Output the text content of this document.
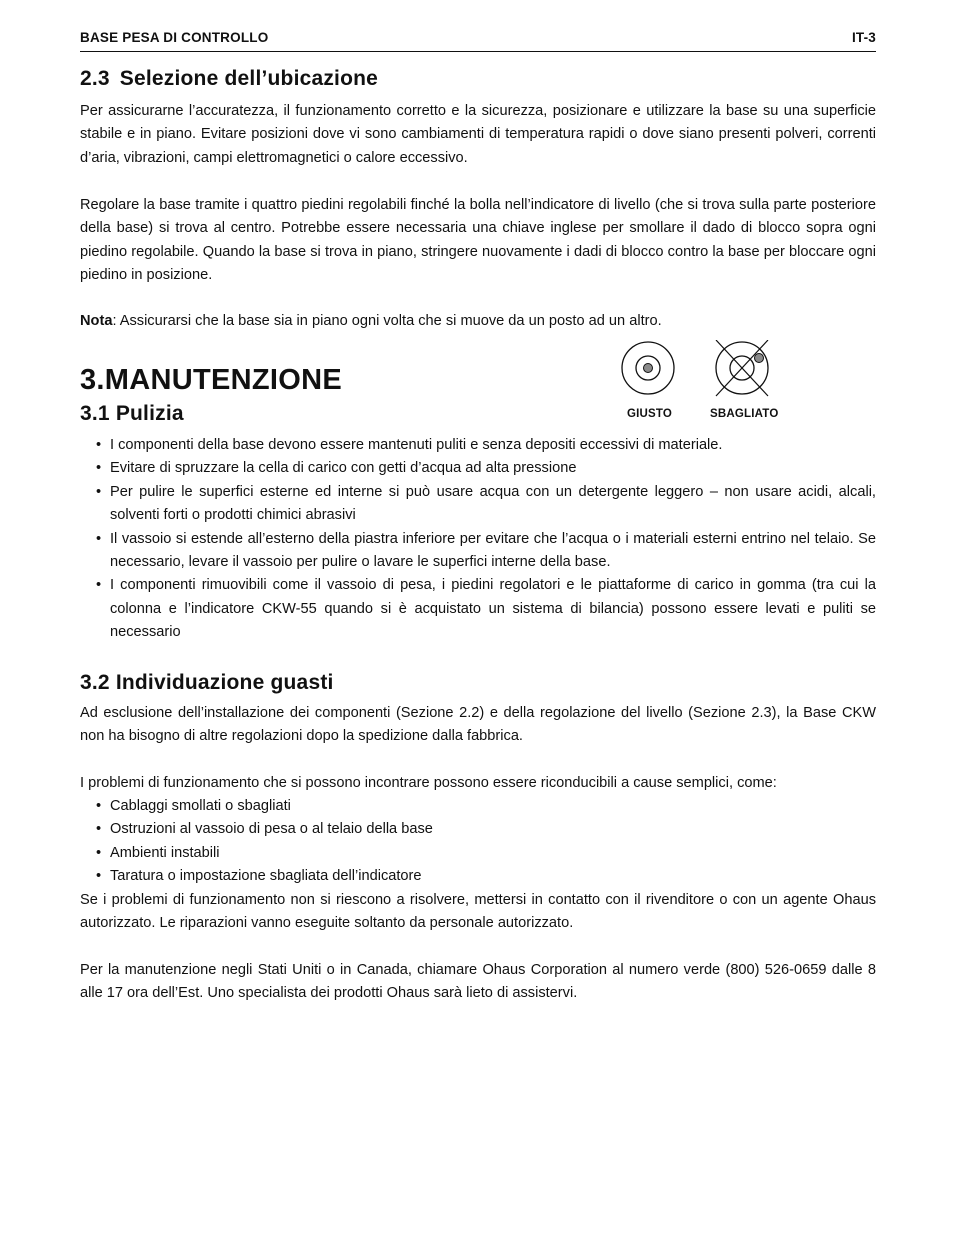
BASE PESA DI CONTROLLO	IT-3
2.3 Selezione dell’ubicazione

Per assicurarne l’accuratezza, il funzionamento corretto e la sicurezza, posizionare e utilizzare la base su una superficie stabile e in piano. Evitare posizioni dove vi sono cambiamenti di temperatura rapidi o dove siano presenti polveri, correnti d’aria, vibrazioni, campi elettromagnetici o calore eccessivo.

Regolare la base tramite i quattro piedini regolabili finché la bolla nell’indicatore di livello (che si trova sulla parte posteriore della base) si trova al centro. Potrebbe essere necessaria una chiave inglese per smollare il dado di blocco sopra ogni piedino regolabile. Quando la base si trova in piano, stringere nuovamente i dadi di blocco contro la base per bloccare ogni piedino in posizione.

Nota: Assicurarsi che la base sia in piano ogni volta che si muove da un posto ad un altro.

3.MANUTENZIONE
GIUSTO	SBAGLIATO
3.1 Pulizia
• I componenti della base devono essere mantenuti puliti e senza depositi eccessivi di materiale.
• Evitare di spruzzare la cella di carico con getti d’acqua ad alta pressione
• Per pulire le superfici esterne ed interne si può usare acqua con un detergente leggero – non usare acidi, alcali, solventi forti o prodotti chimici abrasivi
• Il vassoio si estende all’esterno della piastra inferiore per evitare che l’acqua o i materiali esterni entrino nel telaio. Se necessario, levare il vassoio per pulire o lavare le superfici interne della base.
• I componenti rimuovibili come il vassoio di pesa, i piedini regolatori e le piattaforme di carico in gomma (tra cui la colonna e l’indicatore CKW-55 quando si è acquistato un sistema di bilancia) possono essere levati e puliti se necessario
3.2 Individuazione guasti

Ad esclusione dell’installazione dei componenti (Sezione 2.2) e della regolazione del livello (Sezione 2.3), la Base CKW non ha bisogno di altre regolazioni dopo la spedizione dalla fabbrica.

I problemi di funzionamento che si possono incontrare possono essere riconducibili a cause semplici, come:

• Cablaggi smollati o sbagliati
• Ostruzioni al vassoio di pesa o al telaio della base
• Ambienti instabili
• Taratura o impostazione sbagliata dell’indicatore

Se i problemi di funzionamento non si riescono a risolvere, mettersi in contatto con il rivenditore o con un agente Ohaus autorizzato. Le riparazioni vanno eseguite soltanto da personale autorizzato.

Per la manutenzione negli Stati Uniti o in Canada, chiamare Ohaus Corporation al numero verde (800) 526-0659 dalle 8 alle 17 ora dell’Est. Uno specialista dei prodotti Ohaus sarà lieto di assistervi.
